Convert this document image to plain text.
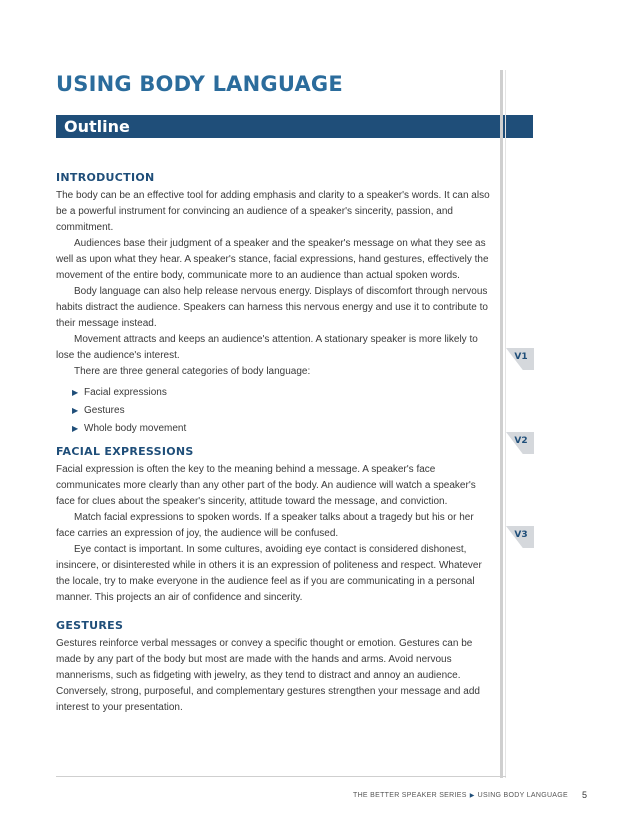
USING BODY LANGUAGE
Outline
INTRODUCTION

The body can be an effective tool for adding emphasis and clarity to a speaker's words. It can also be a powerful instrument for convincing an audience of a speaker's sincerity, passion, and commitment.

Audiences base their judgment of a speaker and the speaker's message on what they see as well as upon what they hear. A speaker's stance, facial expressions, hand gestures, effectively the movement of the entire body, communicate more to an audience than actual spoken words.

Body language can also help release nervous energy. Displays of discomfort through nervous habits distract the audience. Speakers can harness this nervous energy and use it to contribute to their message instead.

Movement attracts and keeps an audience's attention. A stationary speaker is more likely to lose the audience's interest.

There are three general categories of body language:

▶ Facial expressions
▶ Gestures
▶ Whole body movement
FACIAL EXPRESSIONS

Facial expression is often the key to the meaning behind a message. A speaker's face communicates more clearly than any other part of the body. An audience will watch a speaker's face for clues about the speaker's sincerity, attitude toward the message, and conviction.

Match facial expressions to spoken words. If a speaker talks about a tragedy but his or her face carries an expression of joy, the audience will be confused.

Eye contact is important. In some cultures, avoiding eye contact is considered dishonest, insincere, or disinterested while in others it is an expression of politeness and respect. Whatever the locale, try to make everyone in the audience feel as if you are communicating in a personal manner. This projects an air of confidence and sincerity.

GESTURES

Gestures reinforce verbal messages or convey a specific thought or emotion. Gestures can be made by any part of the body but most are made with the hands and arms. Avoid nervous mannerisms, such as fidgeting with jewelry, as they tend to distract and annoy an audience. Conversely, strong, purposeful, and complementary gestures strengthen your message and add interest to your presentation.

V1
V2
V3
THE BETTER SPEAKER SERIES ▶ USING BODY LANGUAGE 5
